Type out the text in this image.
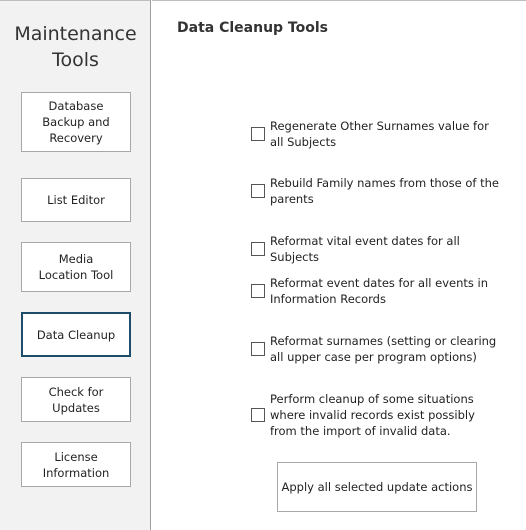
Maintenance
Tools
Database
Backup and
Recovery
List Editor
Media
Location Tool
Data Cleanup
Check for
Updates
License
Information
Data Cleanup Tools
Regenerate Other Surnames value for all Subjects
Rebuild Family names from those of the parents
Reformat vital event dates for all Subjects
Reformat event dates for all events in Information Records
Reformat surnames (setting or clearing all upper case per program options)
Perform cleanup of some situations where invalid records exist possibly from the import of invalid data.
Apply all selected update actions
